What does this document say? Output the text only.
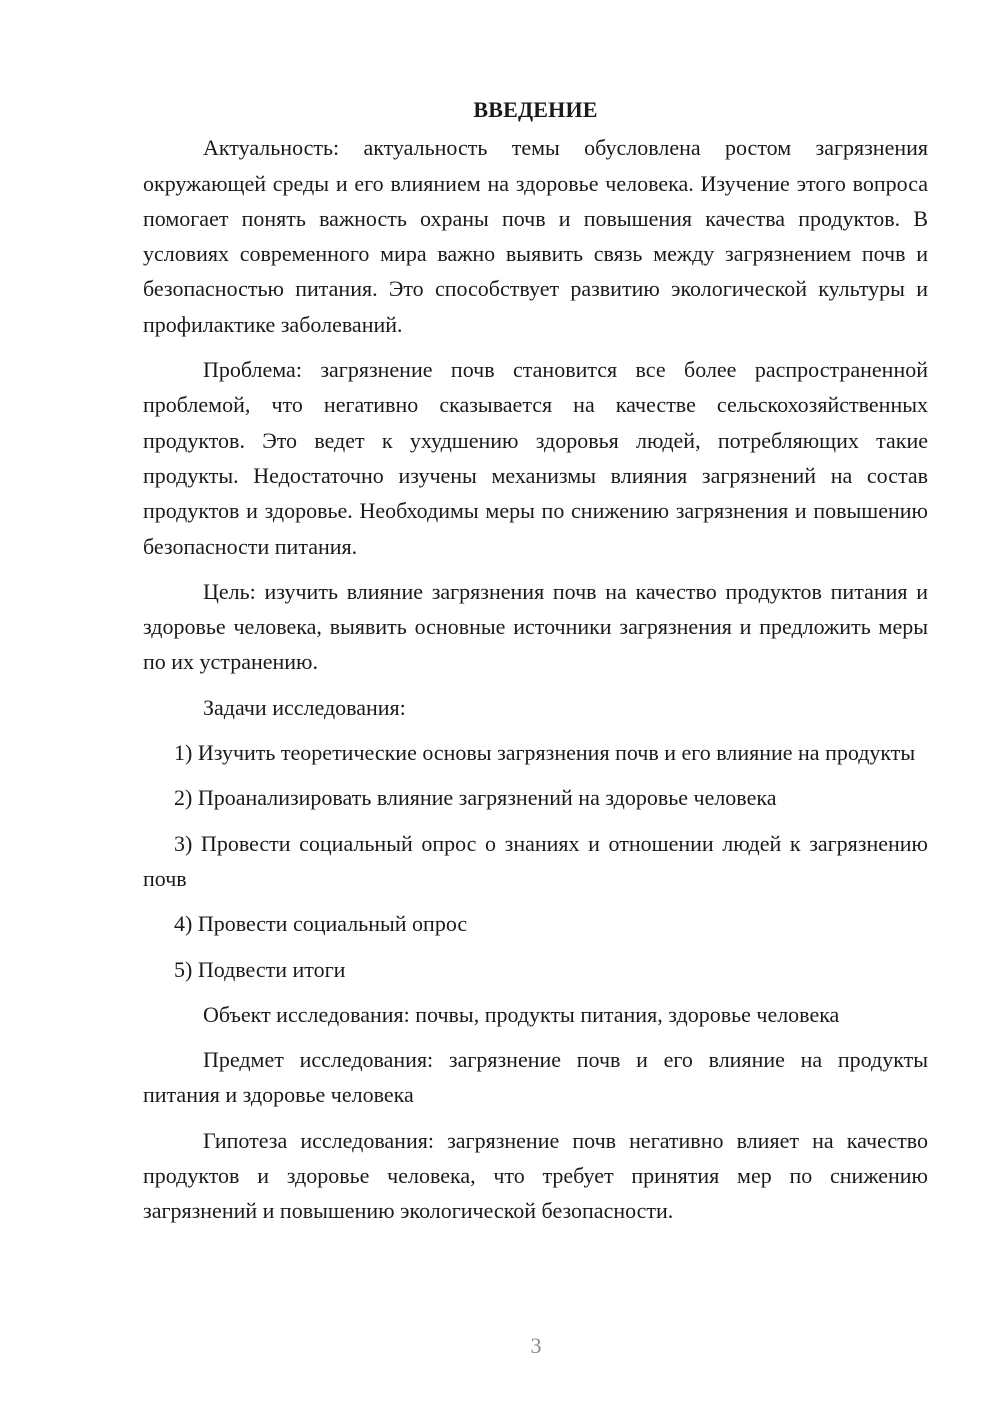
ВВЕДЕНИЕ

Актуальность: актуальность темы обусловлена ростом загрязнения окружающей среды и его влиянием на здоровье человека. Изучение этого вопроса помогает понять важность охраны почв и повышения качества продуктов. В условиях современного мира важно выявить связь между загрязнением почв и безопасностью питания. Это способствует развитию экологической культуры и профилактике заболеваний.

Проблема: загрязнение почв становится все более распространенной проблемой, что негативно сказывается на качестве сельскохозяйственных продуктов. Это ведет к ухудшению здоровья людей, потребляющих такие продукты. Недостаточно изучены механизмы влияния загрязнений на состав продуктов и здоровье. Необходимы меры по снижению загрязнения и повышению безопасности питания.

Цель: изучить влияние загрязнения почв на качество продуктов питания и здоровье человека, выявить основные источники загрязнения и предложить меры по их устранению.

Задачи исследования:

1) Изучить теоретические основы загрязнения почв и его влияние на продукты

2) Проанализировать влияние загрязнений на здоровье человека

3) Провести социальный опрос о знаниях и отношении людей к загрязнению почв

4) Провести социальный опрос

5) Подвести итоги

Объект исследования: почвы, продукты питания, здоровье человека

Предмет исследования: загрязнение почв и его влияние на продукты питания и здоровье человека

Гипотеза исследования: загрязнение почв негативно влияет на качество продуктов и здоровье человека, что требует принятия мер по снижению загрязнений и повышению экологической безопасности.

3
